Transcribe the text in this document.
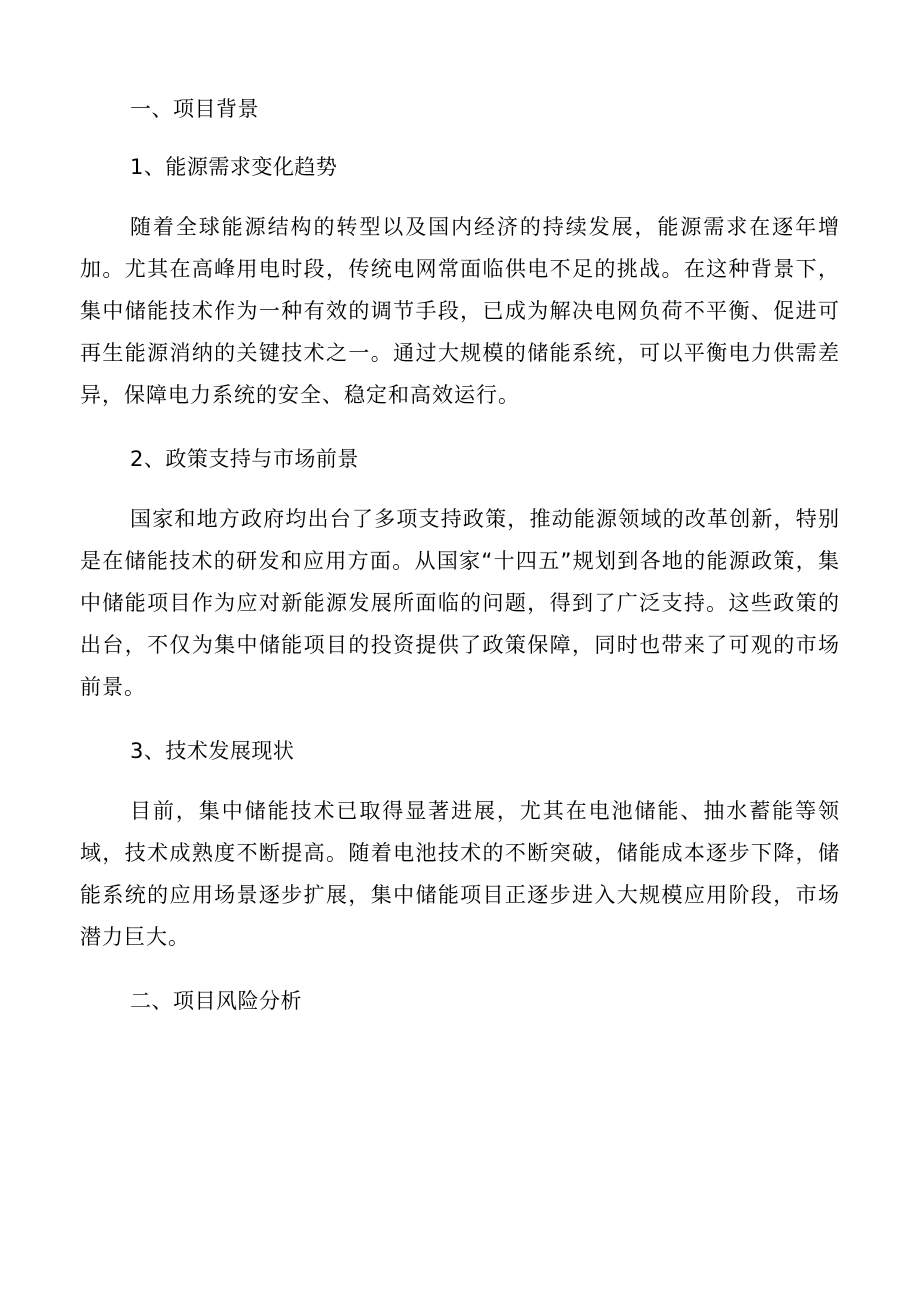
一、项目背景
1、能源需求变化趋势

随着全球能源结构的转型以及国内经济的持续发展，能源需求在逐年增加。尤其在高峰用电时段，传统电网常面临供电不足的挑战。在这种背景下，集中储能技术作为一种有效的调节手段，已成为解决电网负荷不平衡、促进可再生能源消纳的关键技术之一。通过大规模的储能系统，可以平衡电力供需差异，保障电力系统的安全、稳定和高效运行。

2、政策支持与市场前景

国家和地方政府均出台了多项支持政策，推动能源领域的改革创新，特别是在储能技术的研发和应用方面。从国家“十四五”规划到各地的能源政策，集中储能项目作为应对新能源发展所面临的问题，得到了广泛支持。这些政策的出台，不仅为集中储能项目的投资提供了政策保障，同时也带来了可观的市场前景。

3、技术发展现状

目前，集中储能技术已取得显著进展，尤其在电池储能、抽水蓄能等领域，技术成熟度不断提高。随着电池技术的不断突破，储能成本逐步下降，储能系统的应用场景逐步扩展，集中储能项目正逐步进入大规模应用阶段，市场潜力巨大。

二、项目风险分析
